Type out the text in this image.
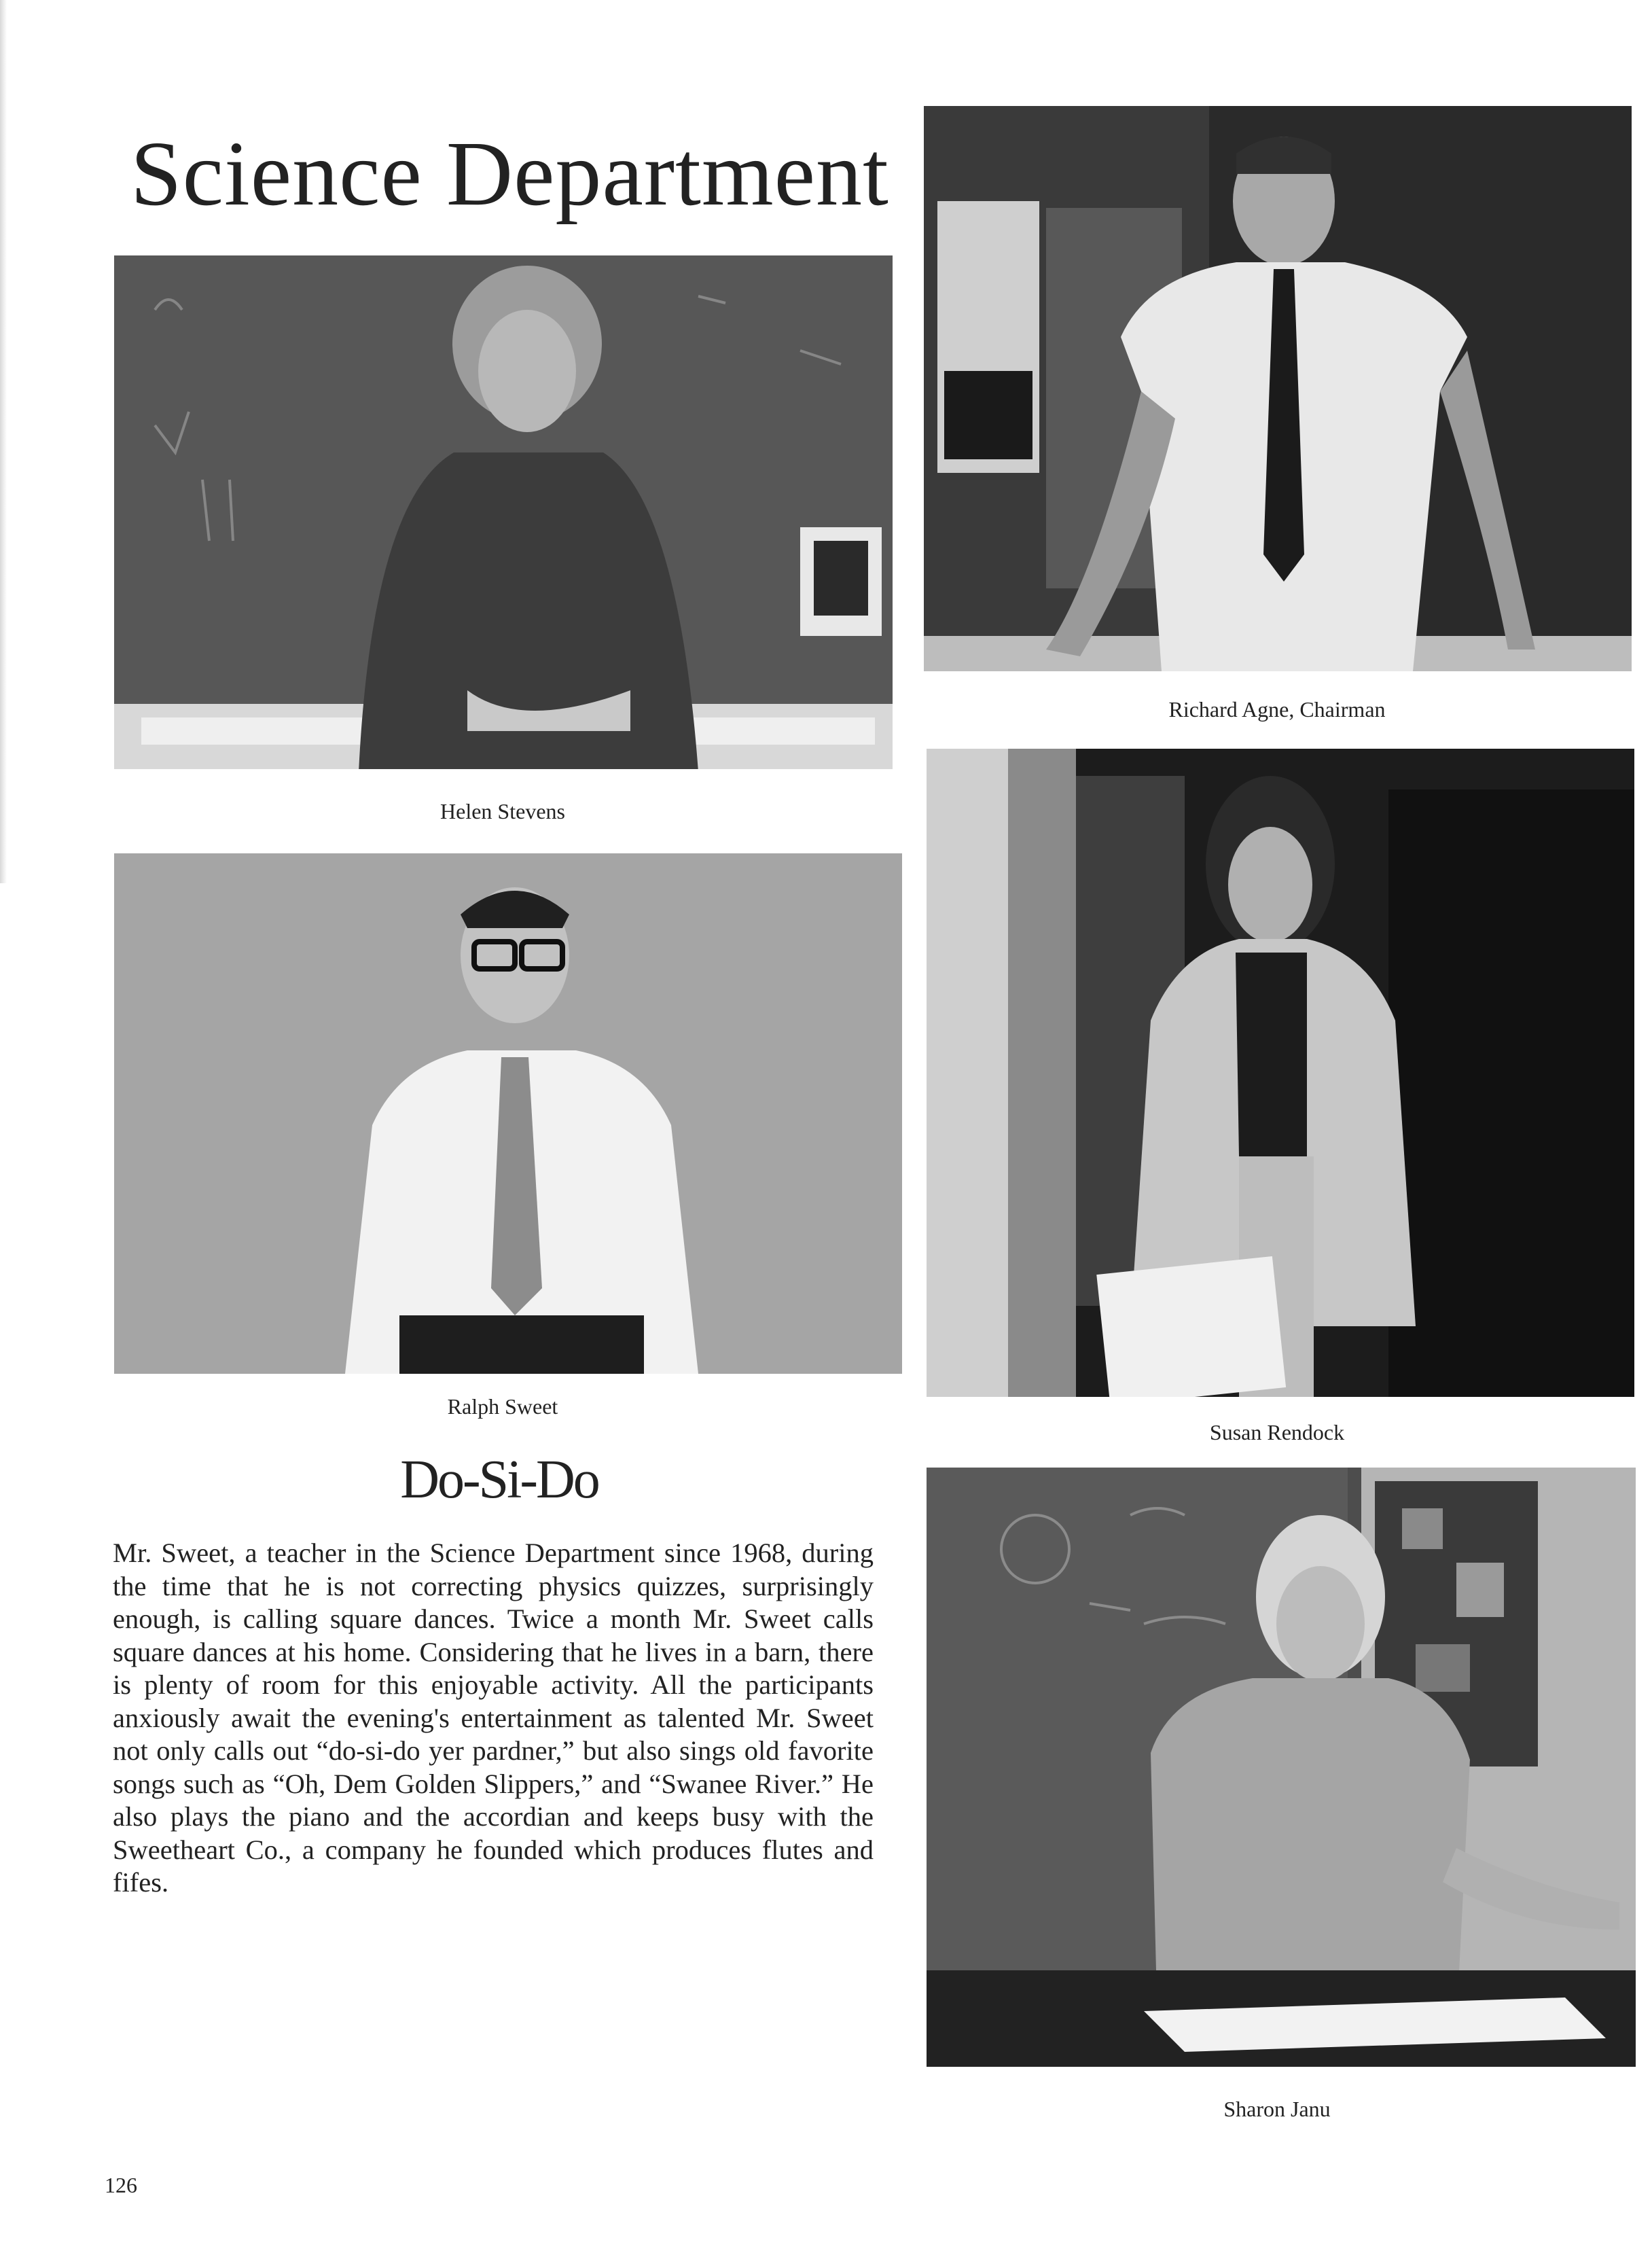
Science Department
Helen Stevens
Richard Agne, Chairman
Ralph Sweet
Susan Rendock
Do-Si-Do
Mr. Sweet, a teacher in the Science Department since 1968, during the time that he is not correcting physics quizzes, surprisingly enough, is calling square dances. Twice a month Mr. Sweet calls square dances at his home. Considering that he lives in a barn, there is plenty of room for this enjoyable activity. All the participants anxiously await the evening's entertainment as talented Mr. Sweet not only calls out “do-si-do yer pardner,” but also sings old favorite songs such as “Oh, Dem Golden Slippers,” and “Swanee River.” He also plays the piano and the accordian and keeps busy with the Sweetheart Co., a company he founded which produces flutes and fifes.
Sharon Janu
126
